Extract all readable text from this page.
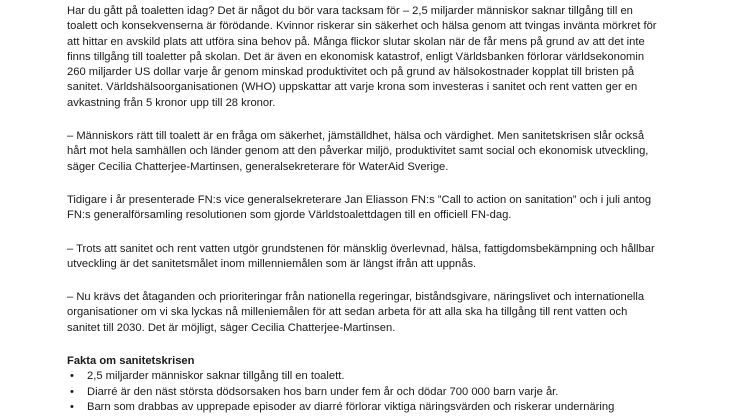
Har du gått på toaletten idag? Det är något du bör vara tacksam för – 2,5 miljarder människor saknar tillgång till en
toalett och konsekvenserna är förödande. Kvinnor riskerar sin säkerhet och hälsa genom att tvingas invänta mörkret för
att hittar en avskild plats att utföra sina behov på. Många flickor slutar skolan när de får mens på grund av att det inte
finns tillgång till toaletter på skolan. Det är även en ekonomisk katastrof, enligt Världsbanken förlorar världsekonomin
260 miljarder US dollar varje år genom minskad produktivitet och på grund av hälsokostnader kopplat till bristen på
sanitet. Världshälsoorganisationen (WHO) uppskattar att varje krona som investeras i sanitet och rent vatten ger en
avkastning från 5 kronor upp till 28 kronor.

– Människors rätt till toalett är en fråga om säkerhet, jämställdhet, hälsa och värdighet. Men sanitetskrisen slår också
hårt mot hela samhällen och länder genom att den påverkar miljö, produktivitet samt social och ekonomisk utveckling,
säger Cecilia Chatterjee-Martinsen, generalsekreterare för WaterAid Sverige.

Tidigare i år presenterade FN:s vice generalsekreterare Jan Eliasson FN:s ”Call to action on sanitation” och i juli antog
FN:s generalförsamling resolutionen som gjorde Världstoalettdagen till en officiell FN-dag.

– Trots att sanitet och rent vatten utgör grundstenen för mänsklig överlevnad, hälsa, fattigdomsbekämpning och hållbar
utveckling är det sanitetsmålet inom millenniemålen som är längst ifrån att uppnås.

– Nu krävs det åtaganden och prioriteringar från nationella regeringar, biståndsgivare, näringslivet och internationella
organisationer om vi ska lyckas nå milleniemålen för att sedan arbeta för att alla ska ha tillgång till rent vatten och
sanitet till 2030. Det är möjligt, säger Cecilia Chatterjee-Martinsen.

Fakta om sanitetskrisen

• 2,5 miljarder människor saknar tillgång till en toalett.
• Diarré är den näst största dödsorsaken hos barn under fem år och dödar 700 000 barn varje år.
• Barn som drabbas av upprepade episoder av diarré förlorar viktiga näringsvärden och riskerar undernäring
